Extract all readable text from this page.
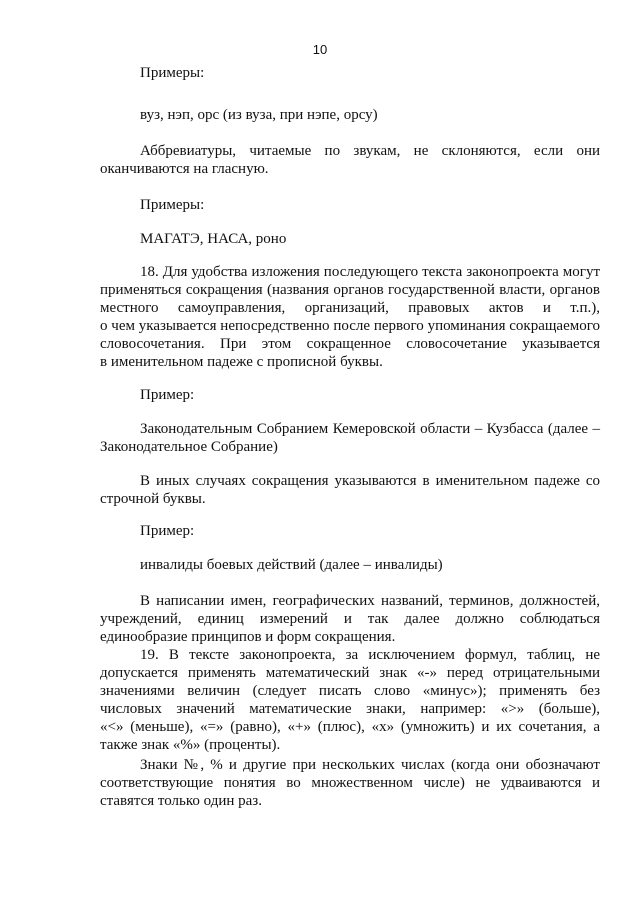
10

Примеры:

вуз, нэп, орс (из вуза, при нэпе, орсу)

Аббревиатуры, читаемые по звукам, не склоняются, если они
оканчиваются на гласную.

Примеры:

МАГАТЭ, НАСА, роно

18. Для удобства изложения последующего текста законопроекта могут
применяться сокращения (названия органов государственной власти, органов
местного самоуправления, организаций, правовых актов и т.п.),
о чем указывается непосредственно после первого упоминания сокращаемого
словосочетания. При этом сокращенное словосочетание указывается
в именительном падеже с прописной буквы.

Пример:

Законодательным Собранием Кемеровской области – Кузбасса (далее –
Законодательное Собрание)

В иных случаях сокращения указываются в именительном падеже со
строчной буквы.

Пример:

инвалиды боевых действий (далее – инвалиды)

В написании имен, географических названий, терминов, должностей,
учреждений, единиц измерений и так далее должно соблюдаться
единообразие принципов и форм сокращения.

19. В тексте законопроекта, за исключением формул, таблиц, не
допускается применять математический знак «-» перед отрицательными
значениями величин (следует писать слово «минус»); применять без
числовых значений математические знаки, например: «>» (больше),
«<» (меньше), «=» (равно), «+» (плюс), «х» (умножить) и их сочетания, а
также знак «%» (проценты).

Знаки №, % и другие при нескольких числах (когда они обозначают
соответствующие понятия во множественном числе) не удваиваются и
ставятся только один раз.
